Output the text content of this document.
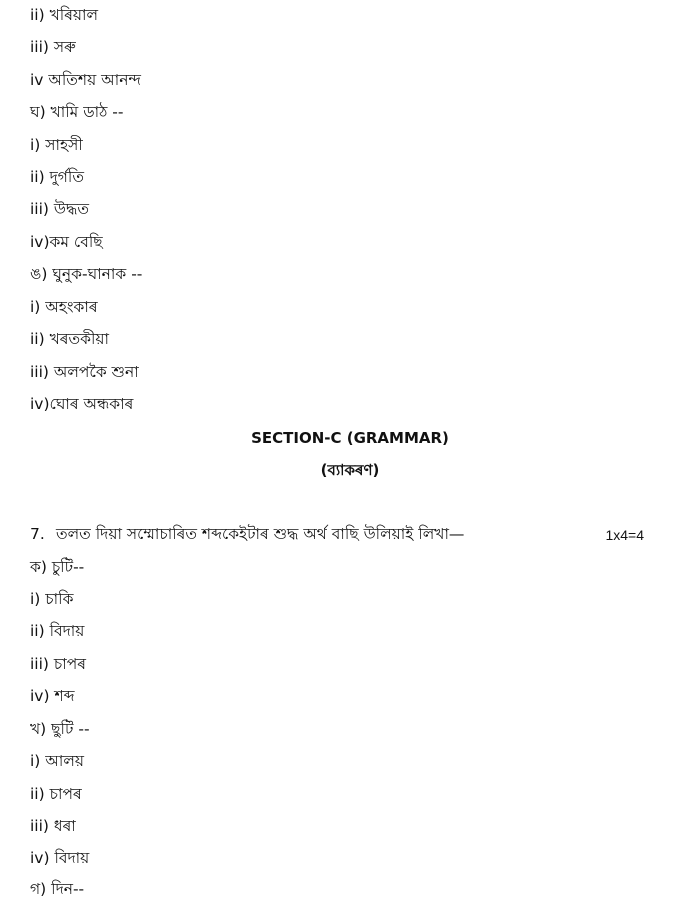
ii) খৰিয়াল
iii) সৰু
iv অতিশয় আনন্দ
ঘ) খামি ডাঠ --
i) সাহসী
ii) দুৰ্গতি
iii) উদ্ধত
iv)কম বেছি
ঙ) ঘুনুক-ঘানাক --
i) অহংকাৰ
ii) খৰতকীয়া
iii) অলপকৈ শুনা
iv)ঘোৰ অন্ধকাৰ
SECTION-C (GRAMMAR)
(ব্যাকৰণ)
7. তলত দিয়া সম্মোচাৰিত শব্দকেইটাৰ শুদ্ধ অৰ্থ বাছি উলিয়াই লিখা—	1x4=4
ক) চুটি--
i) চাকি
ii) বিদায়
iii) চাপৰ
iv) শব্দ
খ) ছুটি --
i) আলয়
ii) চাপৰ
iii) ধৰা
iv) বিদায়
গ) দিন--
